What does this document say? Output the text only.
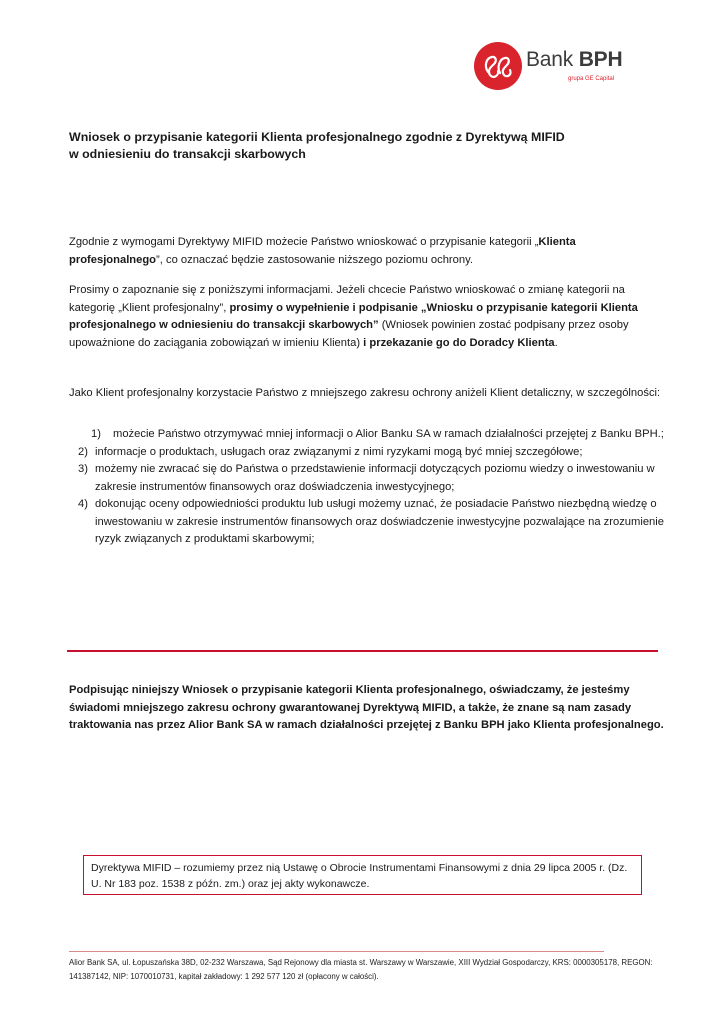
Bank BPH
grupa GE Capital
Wniosek o przypisanie kategorii Klienta profesjonalnego zgodnie z Dyrektywą MIFID
w odniesieniu do transakcji skarbowych
Zgodnie z wymogami Dyrektywy MIFID możecie Państwo wnioskować o przypisanie kategorii „Klienta profesjonalnego”, co oznaczać będzie zastosowanie niższego poziomu ochrony.
Prosimy o zapoznanie się z poniższymi informacjami. Jeżeli chcecie Państwo wnioskować o zmianę kategorii na kategorię „Klient profesjonalny”, prosimy o wypełnienie i podpisanie „Wniosku o przypisanie kategorii Klienta profesjonalnego w odniesieniu do transakcji skarbowych” (Wniosek powinien zostać podpisany przez osoby upoważnione do zaciągania zobowiązań w imieniu Klienta) i przekazanie go do Doradcy Klienta.
Jako Klient profesjonalny korzystacie Państwo z mniejszego zakresu ochrony aniżeli Klient detaliczny, w szczególności:
1) możecie Państwo otrzymywać mniej informacji o Alior Banku SA w ramach działalności przejętej z Banku BPH.;
2) informacje o produktach, usługach oraz związanymi z nimi ryzykami mogą być mniej szczegółowe;
3) możemy nie zwracać się do Państwa o przedstawienie informacji dotyczących poziomu wiedzy o inwestowaniu w zakresie instrumentów finansowych oraz doświadczenia inwestycyjnego;
4) dokonując oceny odpowiedniości produktu lub usługi możemy uznać, że posiadacie Państwo niezbędną wiedzę o inwestowaniu w zakresie instrumentów finansowych oraz doświadczenie inwestycyjne pozwalające na zrozumienie ryzyk związanych z produktami skarbowymi;
Podpisując niniejszy Wniosek o przypisanie kategorii Klienta profesjonalnego, oświadczamy, że jesteśmy świadomi mniejszego zakresu ochrony gwarantowanej Dyrektywą MIFID, a także, że znane są nam zasady traktowania nas przez Alior Bank SA w ramach działalności przejętej z Banku BPH jako Klienta profesjonalnego.
Dyrektywa MIFID – rozumiemy przez nią Ustawę o Obrocie Instrumentami Finansowymi z dnia 29 lipca 2005 r. (Dz. U. Nr 183 poz. 1538 z późn. zm.) oraz jej akty wykonawcze.
Alior Bank SA, ul. Łopuszańska 38D, 02-232 Warszawa, Sąd Rejonowy dla miasta st. Warszawy w Warszawie, XIII Wydział Gospodarczy, KRS: 0000305178, REGON: 141387142, NIP: 1070010731, kapitał zakładowy: 1 292 577 120 zł (opłacony w całości).
